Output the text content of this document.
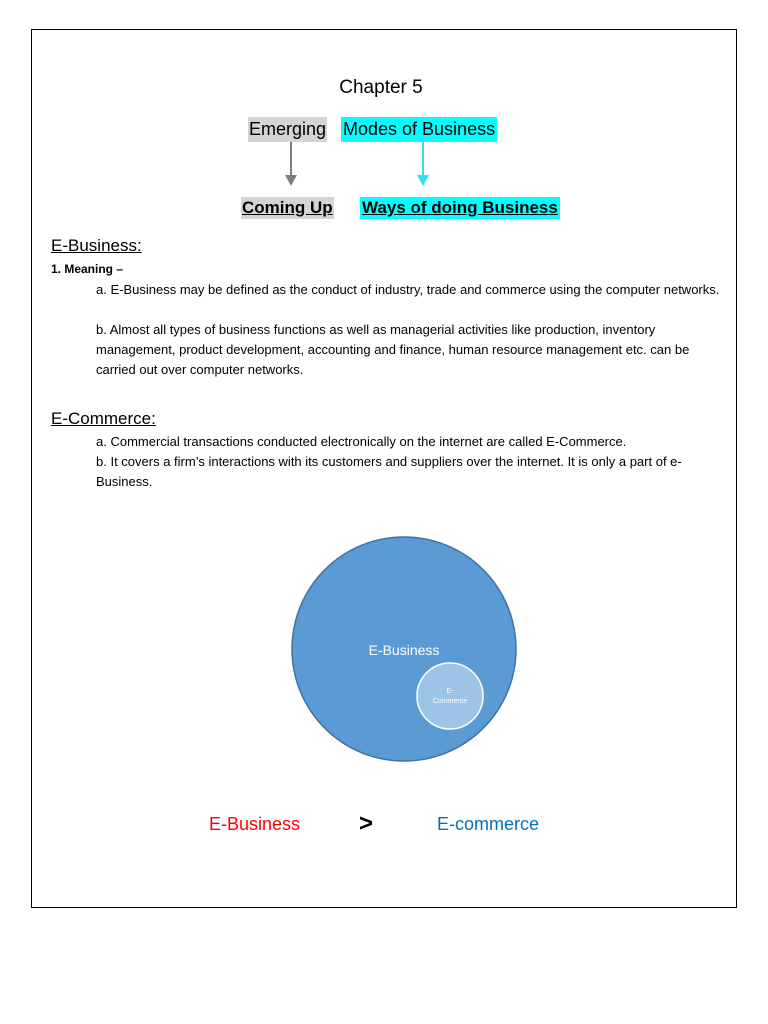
Chapter 5
Emerging Modes of Business
Coming Up Ways of doing Business
E-Business:
1. Meaning –
a. E-Business may be defined as the conduct of industry, trade and commerce using the computer networks.
b. Almost all types of business functions as well as managerial activities like production, inventory management, product development, accounting and finance, human resource management etc. can be carried out over computer networks.
E-Commerce:
a. Commercial transactions conducted electronically on the internet are called E-Commerce.
b. It covers a firm’s interactions with its customers and suppliers over the internet. It is only a part of e-Business.
E-Business
E-
Commerce
E-Business >	E-commerce
